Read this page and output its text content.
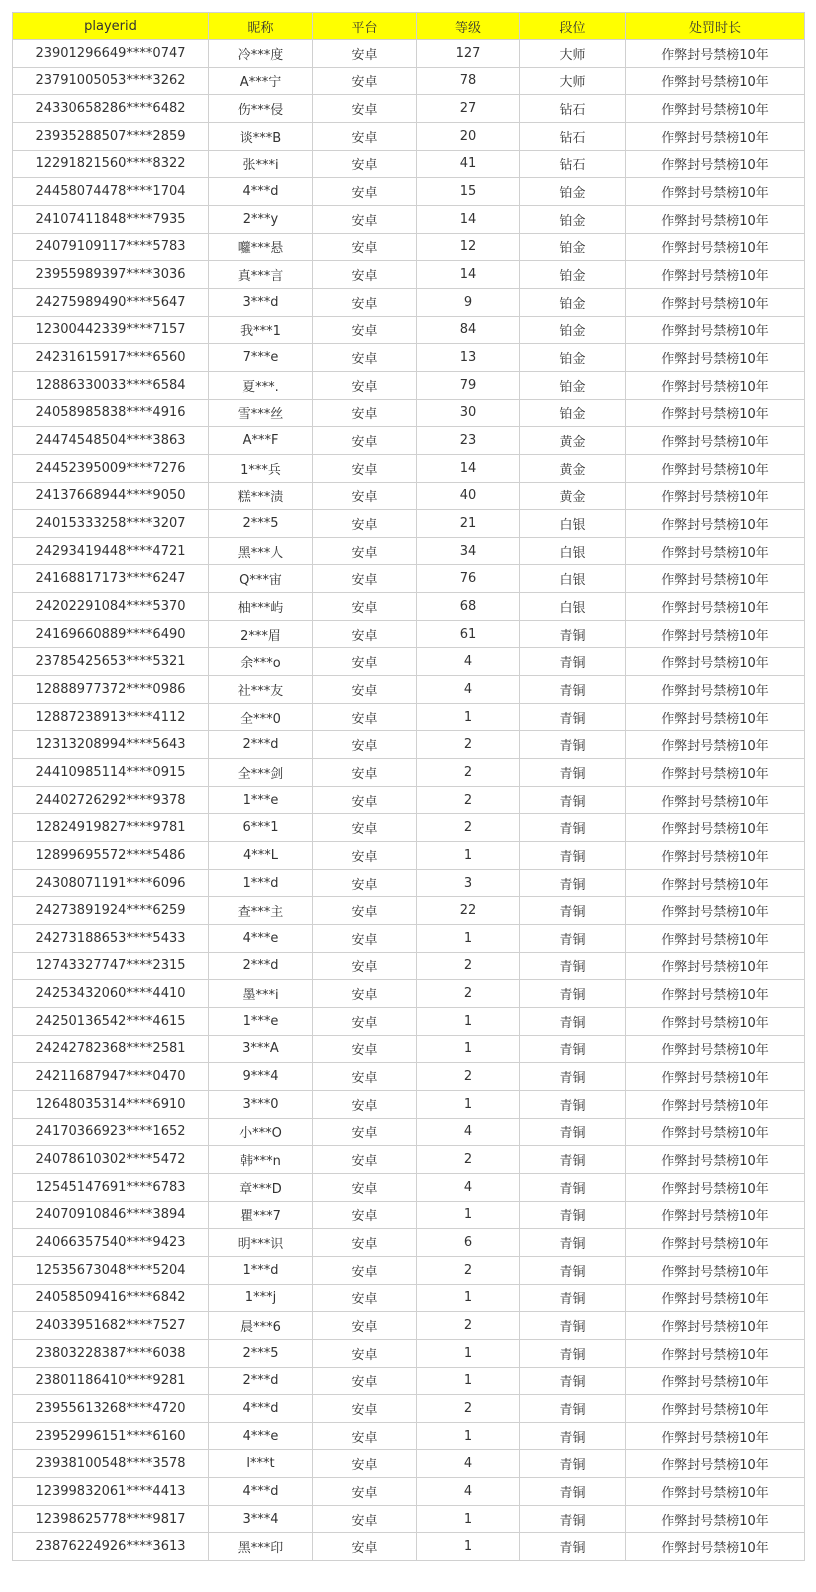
playerid	昵称	平台	等级	段位	处罚时长
23901296649****0747	冷***度	安卓	127	大师	作弊封号禁榜10年
23791005053****3262	A***宁	安卓	78	大师	作弊封号禁榜10年
24330658286****6482	伤***侵	安卓	27	钻石	作弊封号禁榜10年
23935288507****2859	谈***B	安卓	20	钻石	作弊封号禁榜10年
12291821560****8322	张***i	安卓	41	钻石	作弊封号禁榜10年
24458074478****1704	4***d	安卓	15	铂金	作弊封号禁榜10年
24107411848****7935	2***y	安卓	14	铂金	作弊封号禁榜10年
24079109117****5783	囖***悬	安卓	12	铂金	作弊封号禁榜10年
23955989397****3036	真***言	安卓	14	铂金	作弊封号禁榜10年
24275989490****5647	3***d	安卓	9	铂金	作弊封号禁榜10年
12300442339****7157	我***1	安卓	84	铂金	作弊封号禁榜10年
24231615917****6560	7***e	安卓	13	铂金	作弊封号禁榜10年
12886330033****6584	夏***.	安卓	79	铂金	作弊封号禁榜10年
24058985838****4916	雪***丝	安卓	30	铂金	作弊封号禁榜10年
24474548504****3863	A***F	安卓	23	黄金	作弊封号禁榜10年
24452395009****7276	1***兵	安卓	14	黄金	作弊封号禁榜10年
24137668944****9050	糕***渍	安卓	40	黄金	作弊封号禁榜10年
24015333258****3207	2***5	安卓	21	白银	作弊封号禁榜10年
24293419448****4721	黑***人	安卓	34	白银	作弊封号禁榜10年
24168817173****6247	Q***宙	安卓	76	白银	作弊封号禁榜10年
24202291084****5370	柚***屿	安卓	68	白银	作弊封号禁榜10年
24169660889****6490	2***眉	安卓	61	青铜	作弊封号禁榜10年
23785425653****5321	余***o	安卓	4	青铜	作弊封号禁榜10年
12888977372****0986	社***友	安卓	4	青铜	作弊封号禁榜10年
12887238913****4112	全***0	安卓	1	青铜	作弊封号禁榜10年
12313208994****5643	2***d	安卓	2	青铜	作弊封号禁榜10年
24410985114****0915	全***剑	安卓	2	青铜	作弊封号禁榜10年
24402726292****9378	1***e	安卓	2	青铜	作弊封号禁榜10年
12824919827****9781	6***1	安卓	2	青铜	作弊封号禁榜10年
12899695572****5486	4***L	安卓	1	青铜	作弊封号禁榜10年
24308071191****6096	1***d	安卓	3	青铜	作弊封号禁榜10年
24273891924****6259	查***主	安卓	22	青铜	作弊封号禁榜10年
24273188653****5433	4***e	安卓	1	青铜	作弊封号禁榜10年
12743327747****2315	2***d	安卓	2	青铜	作弊封号禁榜10年
24253432060****4410	墨***i	安卓	2	青铜	作弊封号禁榜10年
24250136542****4615	1***e	安卓	1	青铜	作弊封号禁榜10年
24242782368****2581	3***A	安卓	1	青铜	作弊封号禁榜10年
24211687947****0470	9***4	安卓	2	青铜	作弊封号禁榜10年
12648035314****6910	3***0	安卓	1	青铜	作弊封号禁榜10年
24170366923****1652	小***O	安卓	4	青铜	作弊封号禁榜10年
24078610302****5472	韩***n	安卓	2	青铜	作弊封号禁榜10年
12545147691****6783	章***D	安卓	4	青铜	作弊封号禁榜10年
24070910846****3894	瞿***7	安卓	1	青铜	作弊封号禁榜10年
24066357540****9423	明***识	安卓	6	青铜	作弊封号禁榜10年
12535673048****5204	1***d	安卓	2	青铜	作弊封号禁榜10年
24058509416****6842	1***j	安卓	1	青铜	作弊封号禁榜10年
24033951682****7527	晨***6	安卓	2	青铜	作弊封号禁榜10年
23803228387****6038	2***5	安卓	1	青铜	作弊封号禁榜10年
23801186410****9281	2***d	安卓	1	青铜	作弊封号禁榜10年
23955613268****4720	4***d	安卓	2	青铜	作弊封号禁榜10年
23952996151****6160	4***e	安卓	1	青铜	作弊封号禁榜10年
23938100548****3578	l***t	安卓	4	青铜	作弊封号禁榜10年
12399832061****4413	4***d	安卓	4	青铜	作弊封号禁榜10年
12398625778****9817	3***4	安卓	1	青铜	作弊封号禁榜10年
23876224926****3613	黑***印	安卓	1	青铜	作弊封号禁榜10年
